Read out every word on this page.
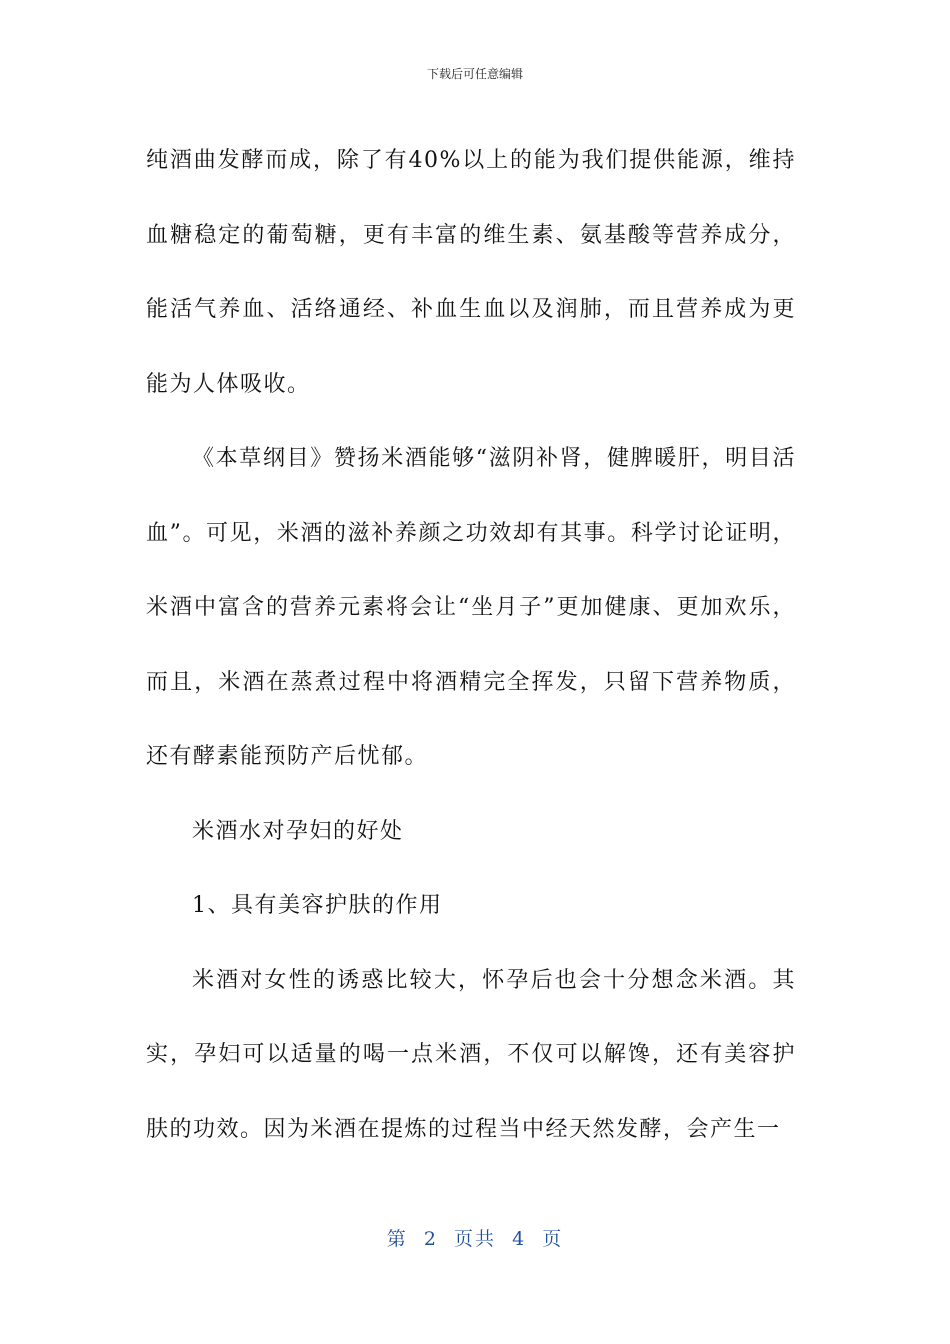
下载后可任意编辑

纯酒曲发酵而成，除了有40%以上的能为我们提供能源，维持血糖稳定的葡萄糖，更有丰富的维生素、氨基酸等营养成分，能活气养血、活络通经、补血生血以及润肺，而且营养成为更能为人体吸收。

《本草纲目》赞扬米酒能够“滋阴补肾，健脾暖肝，明目活血”。可见，米酒的滋补养颜之功效却有其事。科学讨论证明，米酒中富含的营养元素将会让“坐月子”更加健康、更加欢乐，而且，米酒在蒸煮过程中将酒精完全挥发，只留下营养物质，还有酵素能预防产后忧郁。

米酒水对孕妇的好处

1、具有美容护肤的作用

米酒对女性的诱惑比较大，怀孕后也会十分想念米酒。其实，孕妇可以适量的喝一点米酒，不仅可以解馋，还有美容护肤的功效。因为米酒在提炼的过程当中经天然发酵，会产生一

第  2  页共  4  页
